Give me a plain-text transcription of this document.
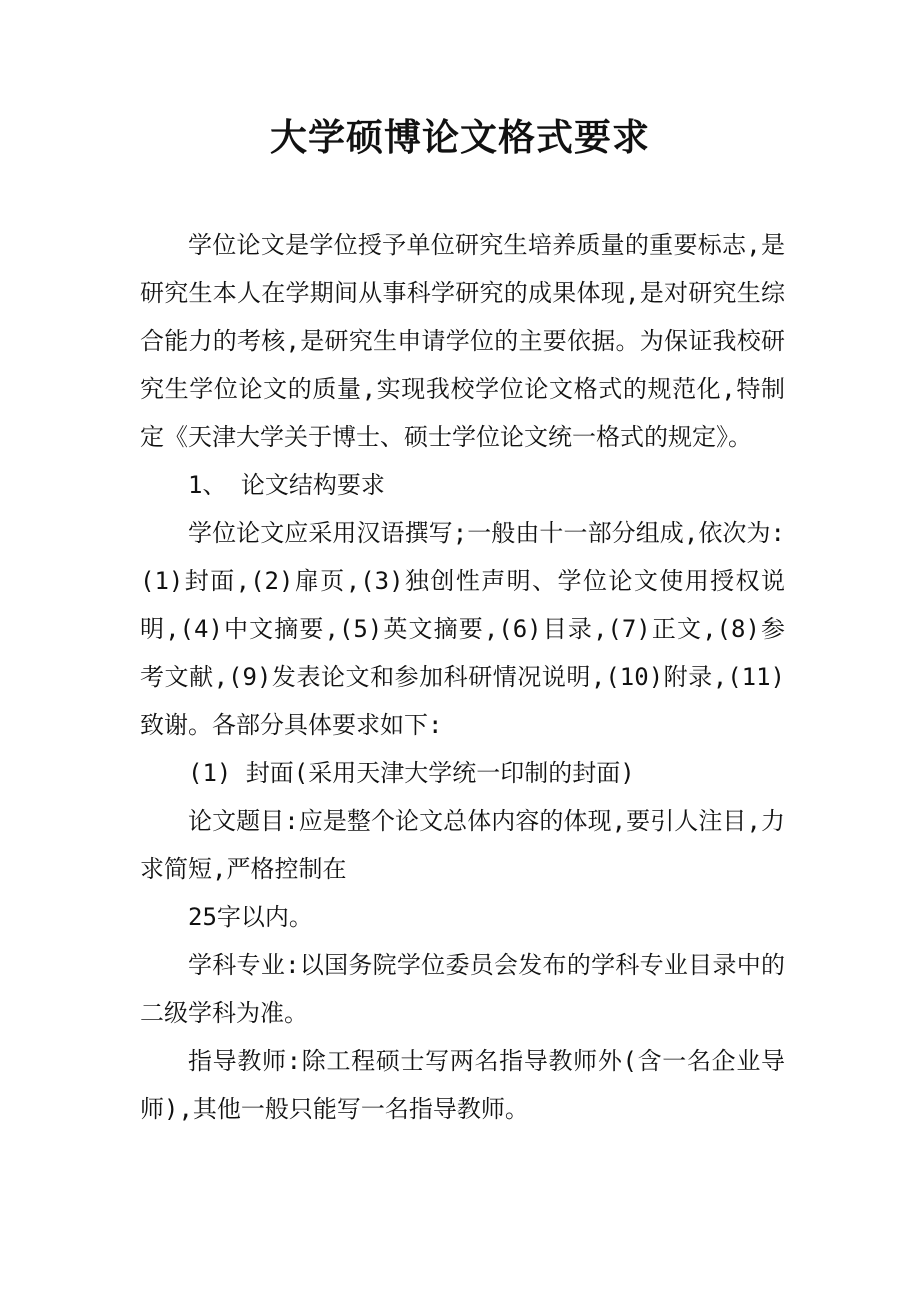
大学硕博论文格式要求

学位论文是学位授予单位研究生培养质量的重要标志,是研究生本人在学期间从事科学研究的成果体现,是对研究生综合能力的考核,是研究生申请学位的主要依据。为保证我校研究生学位论文的质量,实现我校学位论文格式的规范化,特制定《天津大学关于博士、硕士学位论文统一格式的规定》。

1、 论文结构要求

学位论文应采用汉语撰写;一般由十一部分组成,依次为:(1)封面,(2)扉页,(3)独创性声明、学位论文使用授权说明,(4)中文摘要,(5)英文摘要,(6)目录,(7)正文,(8)参考文献,(9)发表论文和参加科研情况说明,(10)附录,(11)致谢。各部分具体要求如下:

(1) 封面(采用天津大学统一印制的封面)

论文题目:应是整个论文总体内容的体现,要引人注目,力求简短,严格控制在

25字以内。

学科专业:以国务院学位委员会发布的学科专业目录中的二级学科为准。

指导教师:除工程硕士写两名指导教师外(含一名企业导师),其他一般只能写一名指导教师。
